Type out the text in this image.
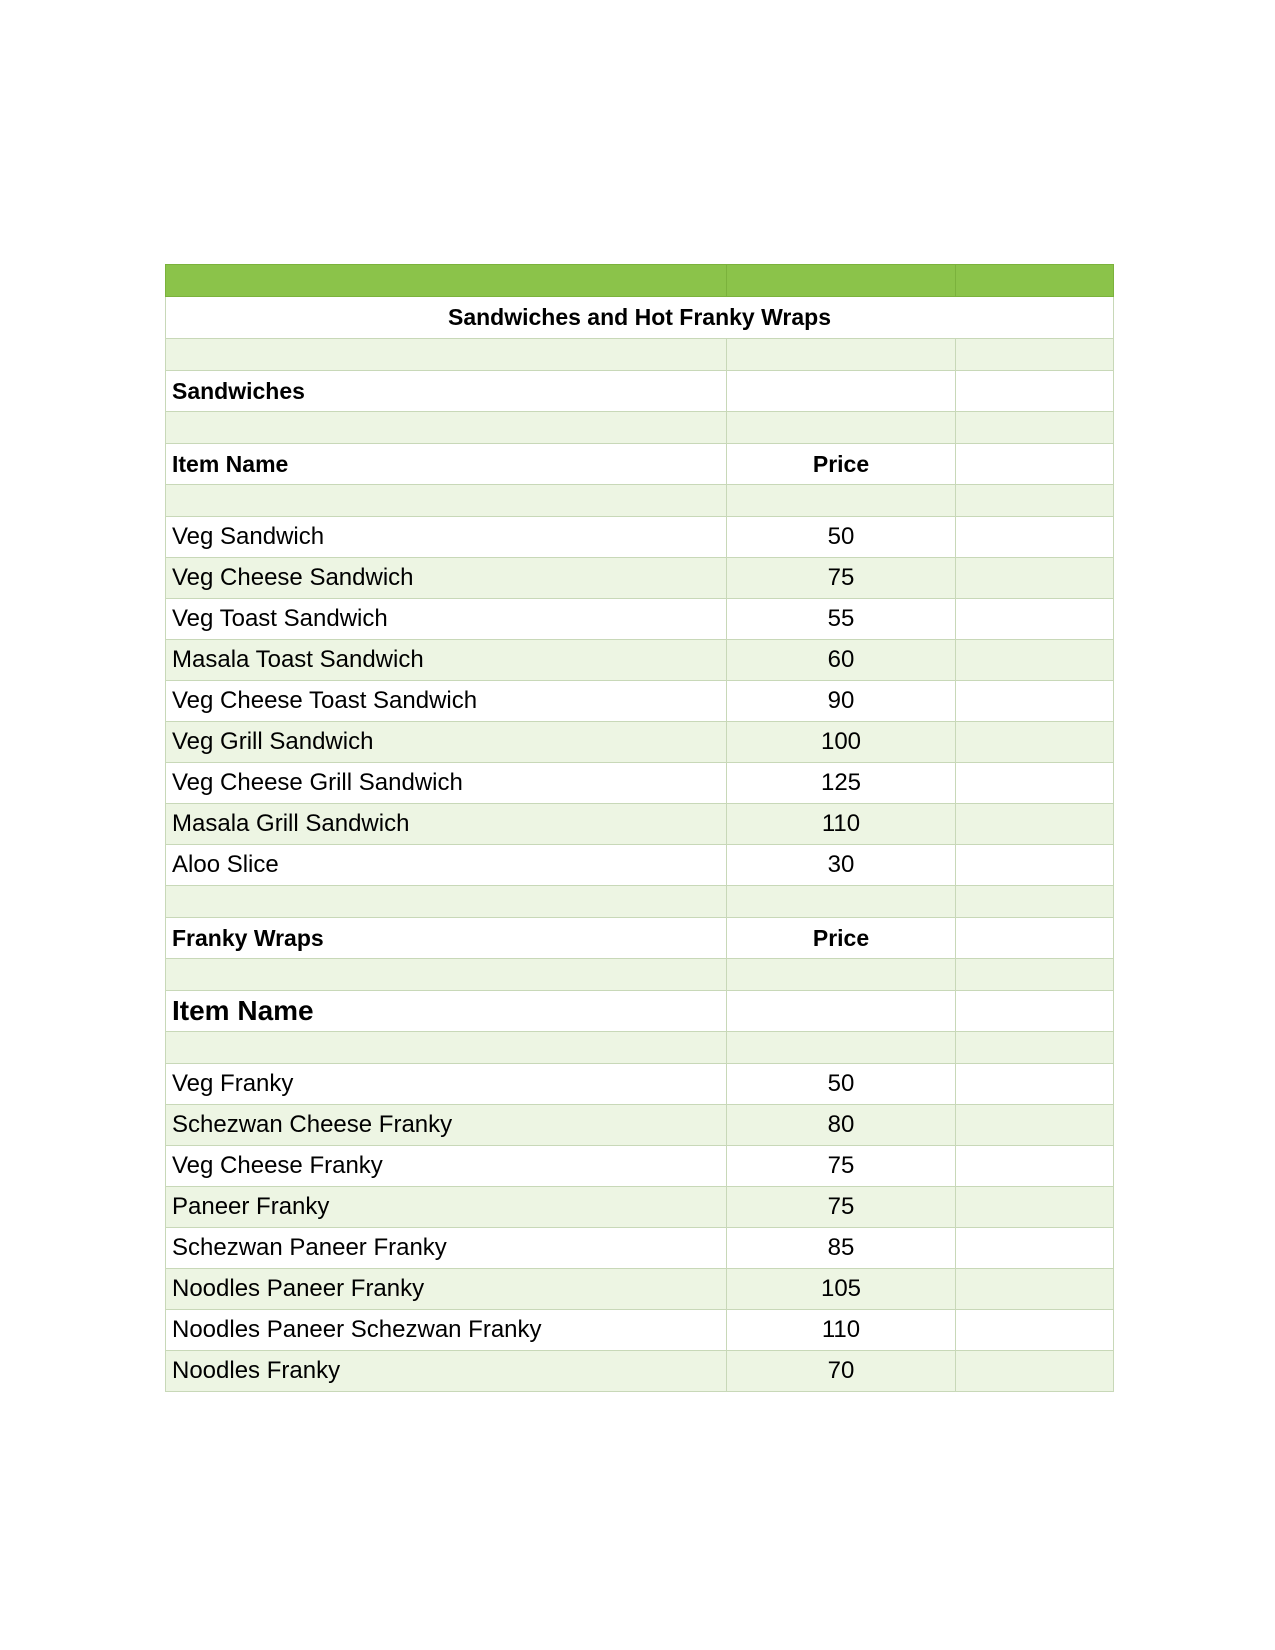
Sandwiches and Hot Franky Wraps		

Sandwiches		

Item Name	Price	

Veg Sandwich	50	
Veg Cheese Sandwich	75	
Veg Toast Sandwich	55	
Masala Toast Sandwich	60	
Veg Cheese Toast Sandwich	90	
Veg Grill Sandwich	100	
Veg Cheese Grill Sandwich	125	
Masala Grill Sandwich	110	
Aloo Slice	30	

Franky Wraps	Price	

Item Name		

Veg Franky	50	
Schezwan Cheese Franky	80	
Veg Cheese Franky	75	
Paneer Franky	75	
Schezwan Paneer Franky	85	
Noodles Paneer Franky	105	
Noodles Paneer Schezwan Franky	110	
Noodles Franky	70	
